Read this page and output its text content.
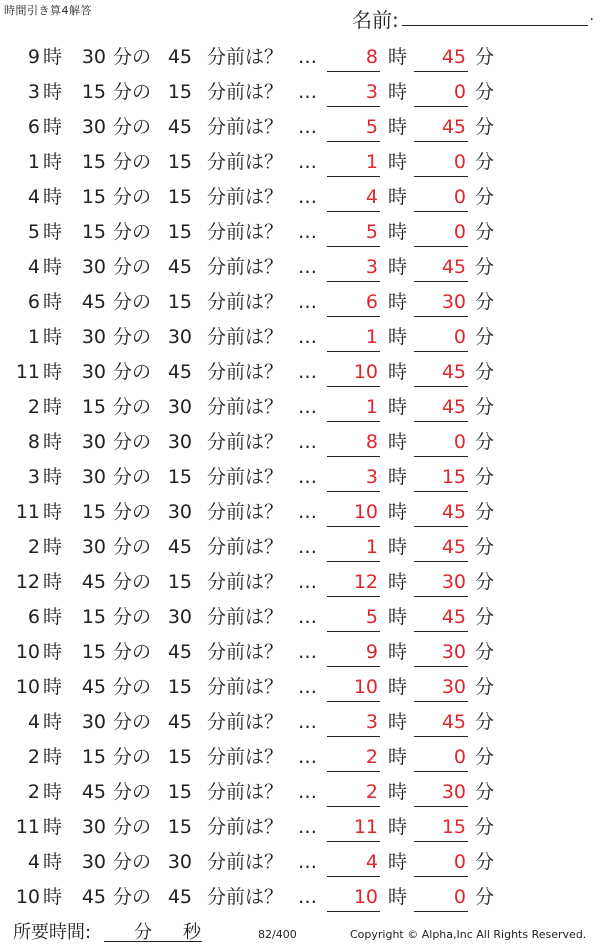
時間引き算4解答	名前:	.
9 時	30 分の 45 分前は？ …	8 時	45 分
3 時	15 分の 15 分前は？ …	3 時	0 分
6 時	30 分の 45 分前は？ …	5 時	45 分
1 時	15 分の 15 分前は？ …	1 時	0 分
4 時	15 分の 15 分前は？ …	4 時	0 分
5 時	15 分の 15 分前は？ …	5 時	0 分
4 時	30 分の 45 分前は？ …	3 時	45 分
6 時	45 分の 15 分前は？ …	6 時	30 分
1 時	30 分の 30 分前は？ …	1 時	0 分
11 時	30 分の 45 分前は？ …	10 時	45 分
2 時	15 分の 30 分前は？ …	1 時	45 分
8 時	30 分の 30 分前は？ …	8 時	0 分
3 時	30 分の 15 分前は？ …	3 時	15 分
11 時	15 分の 30 分前は？ …	10 時	45 分
2 時	30 分の 45 分前は？ …	1 時	45 分
12 時	45 分の 15 分前は？ …	12 時	30 分
6 時	15 分の 30 分前は？ …	5 時	45 分
10 時	15 分の 45 分前は？ …	9 時	30 分
10 時	45 分の 15 分前は？ …	10 時	30 分
4 時	30 分の 45 分前は？ …	3 時	45 分
2 時	15 分の 15 分前は？ …	2 時	0 分
2 時	45 分の 15 分前は？ …	2 時	30 分
11 時	30 分の 15 分前は？ …	11 時	15 分
4 時	30 分の 30 分前は？ …	4 時	0 分
10 時	45 分の 45 分前は？ …	10 時	0 分
所要時間: 分 秒	82/400	Copyright © Alpha,Inc All Rights Reserved.
